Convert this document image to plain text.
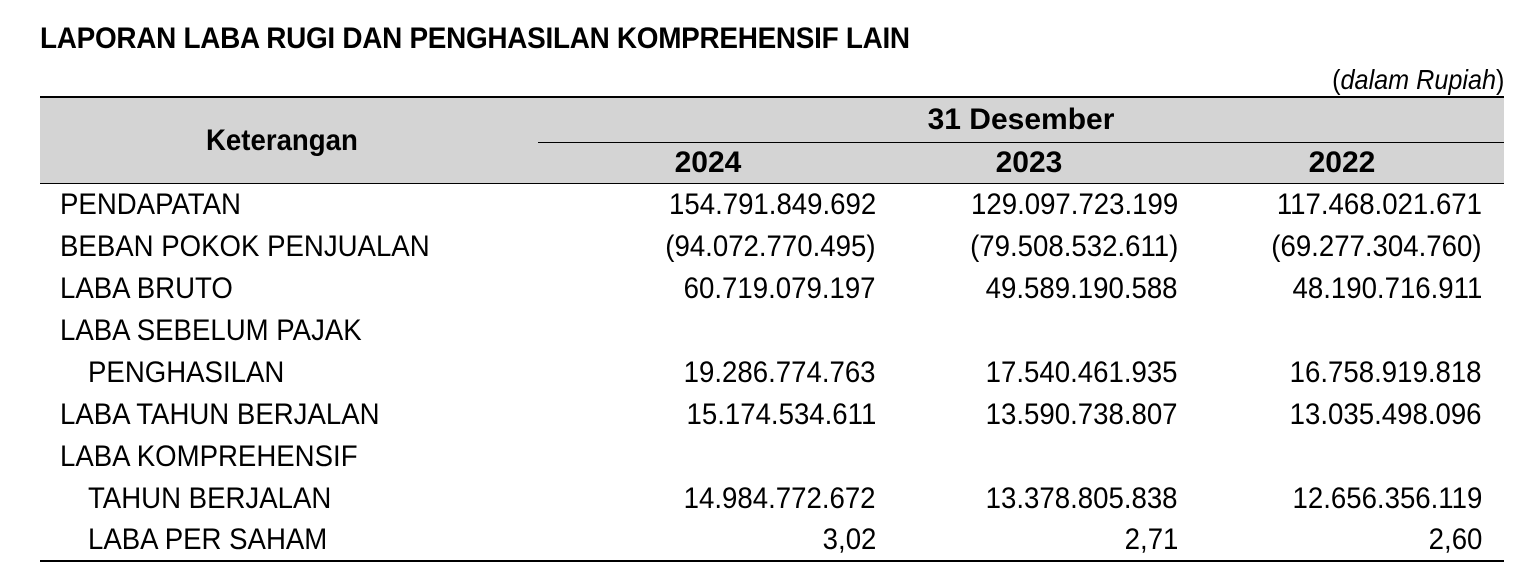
LAPORAN LABA RUGI DAN PENGHASILAN KOMPREHENSIF LAIN
(dalam Rupiah)
Keterangan	31 Desember		
	2024	2023	2022
PENDAPATAN	154.791.849.692	129.097.723.199	117.468.021.671
BEBAN POKOK PENJUALAN	(94.072.770.495)	(79.508.532.611)	(69.277.304.760)
LABA BRUTO	60.719.079.197	49.589.190.588	48.190.716.911
LABA SEBELUM PAJAK			
PENGHASILAN	19.286.774.763	17.540.461.935	16.758.919.818
LABA TAHUN BERJALAN	15.174.534.611	13.590.738.807	13.035.498.096
LABA KOMPREHENSIF			
TAHUN BERJALAN	14.984.772.672	13.378.805.838	12.656.356.119
LABA PER SAHAM	3,02	2,71	2,60
